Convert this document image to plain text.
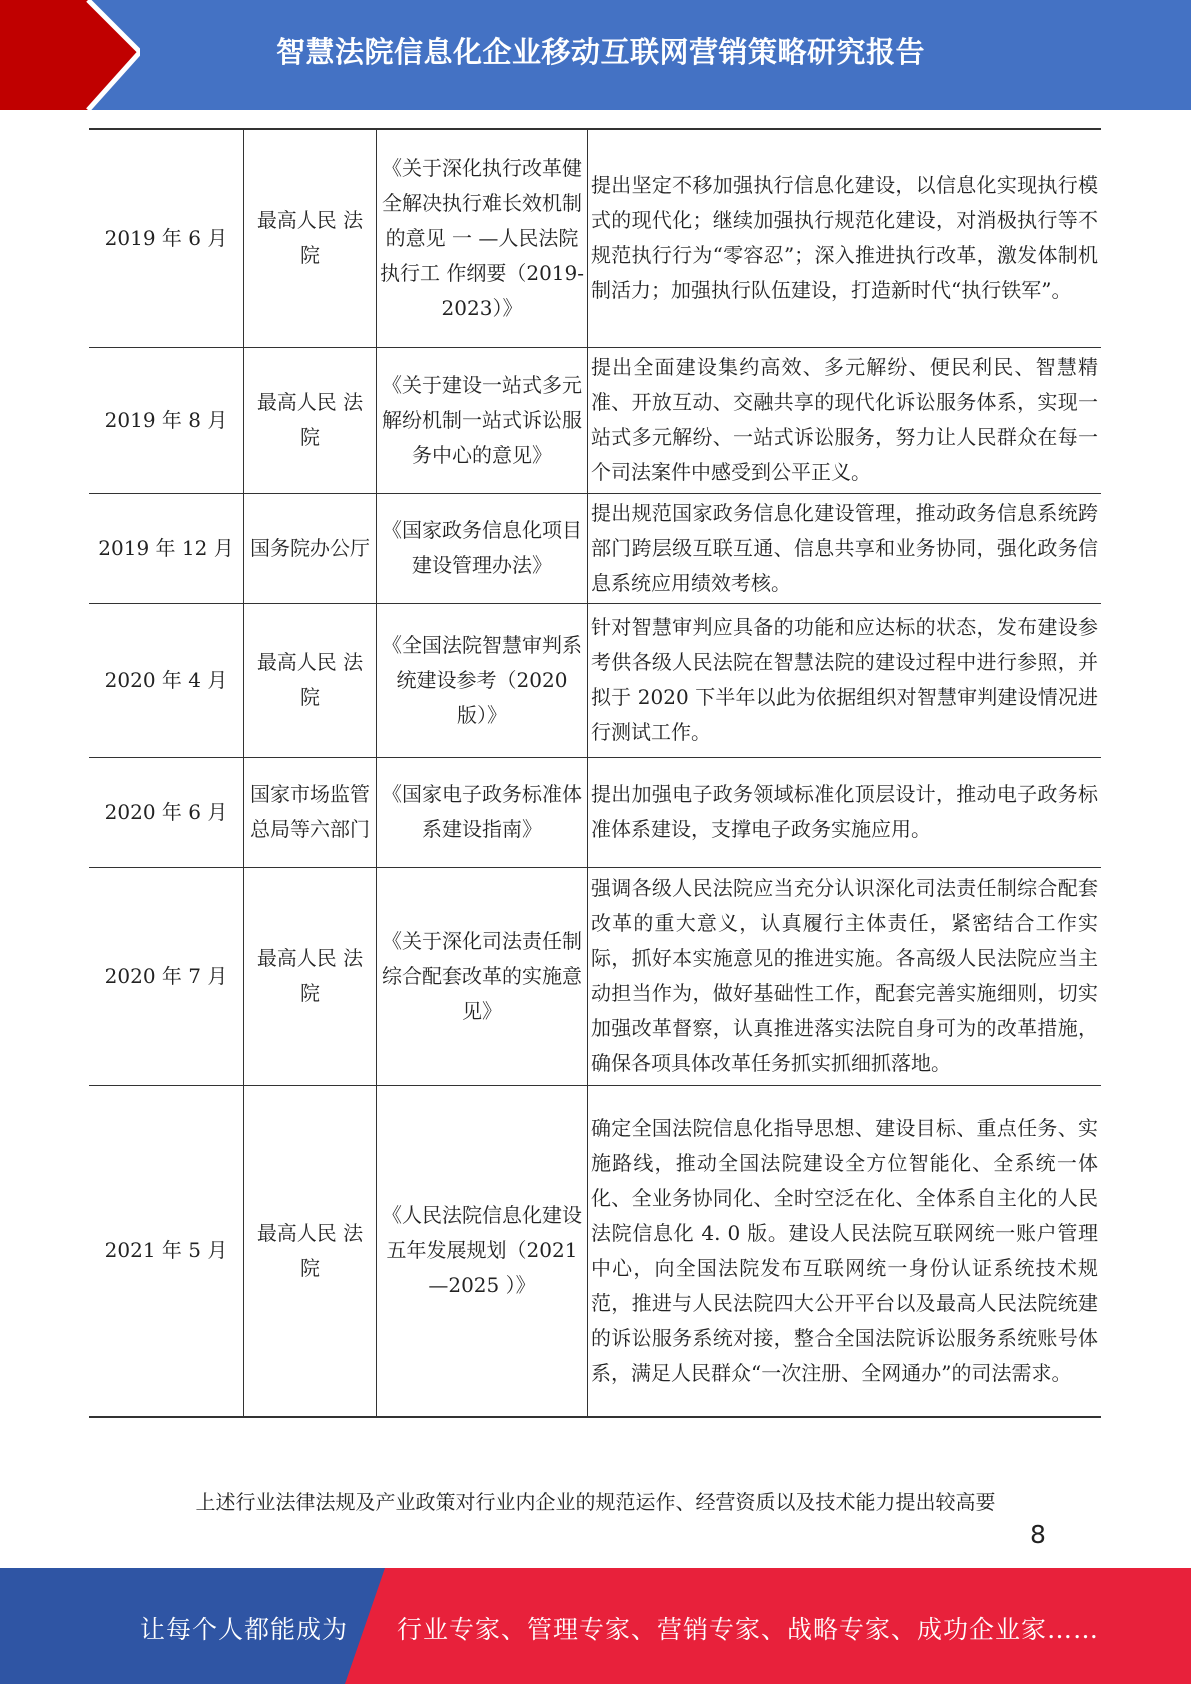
智慧法院信息化企业移动互联网营销策略研究报告
2019 年 6 月	最高人民 法院	《关于深化执行改革健全解决执行难长效机制的意见 一 —人民法院执行工 作纲要（2019-2023）》	提出坚定不移加强执行信息化建设，以信息化实现执行模式的现代化；继续加强执行规范化建设，对消极执行等不规范执行行为“零容忍”；深入推进执行改革，激发体制机制活力；加强执行队伍建设，打造新时代“执行铁军”。
2019 年 8 月	最高人民 法院	《关于建设一站式多元解纷机制一站式诉讼服务中心的意见》	提出全面建设集约高效、多元解纷、便民利民、智慧精准、开放互动、交融共享的现代化诉讼服务体系，实现一站式多元解纷、一站式诉讼服务，努力让人民群众在每一个司法案件中感受到公平正义。
2019 年 12 月	国务院办公厅	《国家政务信息化项目建设管理办法》	提出规范国家政务信息化建设管理，推动政务信息系统跨部门跨层级互联互通、信息共享和业务协同，强化政务信息系统应用绩效考核。
2020 年 4 月	最高人民 法院	《全国法院智慧审判系统建设参考（2020 版）》	针对智慧审判应具备的功能和应达标的状态，发布建设参考供各级人民法院在智慧法院的建设过程中进行参照，并拟于 2020 下半年以此为依据组织对智慧审判建设情况进行测试工作。
2020 年 6 月	国家市场监管总局等六部门	《国家电子政务标准体系建设指南》	提出加强电子政务领域标准化顶层设计，推动电子政务标准体系建设，支撑电子政务实施应用。
2020 年 7 月	最高人民 法院	《关于深化司法责任制综合配套改革的实施意见》	强调各级人民法院应当充分认识深化司法责任制综合配套改革的重大意义，认真履行主体责任，紧密结合工作实际，抓好本实施意见的推进实施。各高级人民法院应当主动担当作为，做好基础性工作，配套完善实施细则，切实加强改革督察，认真推进落实法院自身可为的改革措施，确保各项具体改革任务抓实抓细抓落地。
2021 年 5 月	最高人民 法院	《人民法院信息化建设五年发展规划（2021—2025 ）》	确定全国法院信息化指导思想、建设目标、重点任务、实施路线，推动全国法院建设全方位智能化、全系统一体化、全业务协同化、全时空泛在化、全体系自主化的人民法院信息化 4. 0 版。建设人民法院互联网统一账户管理中心，向全国法院发布互联网统一身份认证系统技术规范，推进与人民法院四大公开平台以及最高人民法院统建的诉讼服务系统对接，整合全国法院诉讼服务系统账号体系，满足人民群众“一次注册、全网通办”的司法需求。
上述行业法律法规及产业政策对行业内企业的规范运作、经营资质以及技术能力提出较高要
8
让每个人都能成为 行业专家、管理专家、营销专家、战略专家、成功企业家……
